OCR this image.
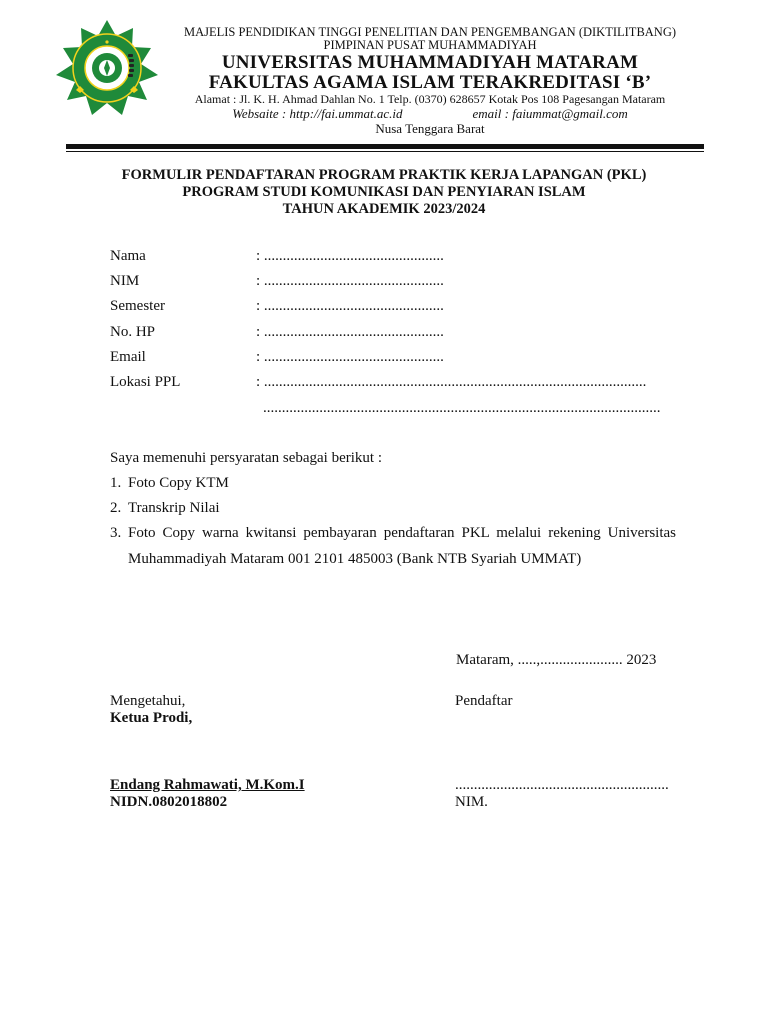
MAJELIS PENDIDIKAN TINGGI PENELITIAN DAN PENGEMBANGAN (DIKTILITBANG)
PIMPINAN PUSAT MUHAMMADIYAH
UNIVERSITAS MUHAMMADIYAH MATARAM
FAKULTAS AGAMA ISLAM TERAKREDITASI ‘B’
Alamat : Jl. K. H. Ahmad Dahlan No. 1 Telp. (0370) 628657 Kotak Pos 108 Pagesangan Mataram
Websaite : http://fai.ummat.ac.id	email : faiummat@gmail.com
Nusa Tenggara Barat
FORMULIR PENDAFTARAN PROGRAM PRAKTIK KERJA LAPANGAN (PKL)
PROGRAM STUDI KOMUNIKASI DAN PENYIARAN ISLAM
TAHUN AKADEMIK 2023/2024
Nama	: ................................................
NIM	: ................................................
Semester	: ................................................
No. HP	: ................................................
Email	: ................................................
Lokasi PPL	: ......................................................................................................
..........................................................................................................
Saya memenuhi persyaratan sebagai berikut :
1. Foto Copy KTM
2. Transkrip Nilai
3. Foto Copy warna kwitansi pembayaran pendaftaran PKL melalui rekening Universitas
Muhammadiyah Mataram 001 2101 485003 (Bank NTB Syariah UMMAT)
Mataram, .....,...................... 2023
Mengetahui,
Ketua Prodi,
Endang Rahmawati, M.Kom.I
NIDN.0802018802
Pendaftar
.........................................................
NIM.
